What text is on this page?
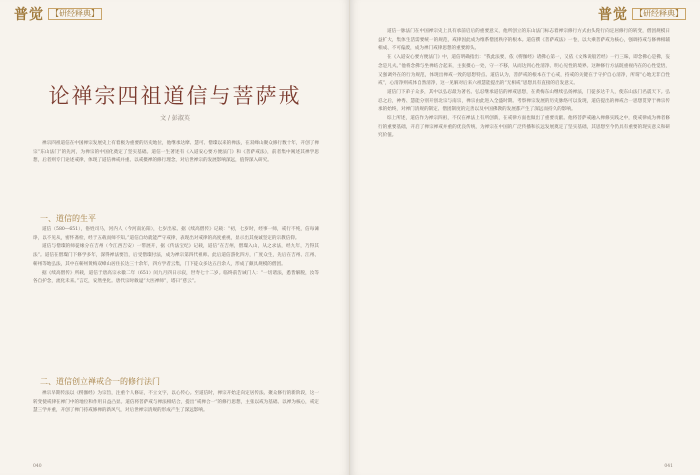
普觉 【研经释典】
论禅宗四祖道信与菩萨戒
文 / 彭淑英

禅宗四祖道信在中国禅宗发展史上有着极为重要的历史地位，他继承达摩、慧可、僧璨以来的禅法，在双峰山聚众修行数十年，开创了禅宗“东山法门”的先河，为禅宗的中国化奠定了坚实基础。道信一生著述有《入道安心要方便法门》和《菩萨戒法》，前者集中阐述其禅学思想，后者则专门论述戒律，体现了道信禅戒并重、以戒摄禅的修行理念，对后世禅宗的发展影响深远，值得深入研究。

一、道信的生平

道信（580—651），俗姓司马，河内人（今河南沁阳），七岁出家。据《续高僧传》记载：“初，七岁时，经事一师，戒行不纯，信每谏诤，以不见从，密怀斋检，经于五载而师不知。”道信自幼就能严守戒律，表现出对戒律的高度重视，显示出其虔诚坚定的宗教信仰。

道信与僧璨的师徒缘分在吉州（今江西吉安）一带展开，据《传法宝纪》记载，道信“在吉州，僧璨入山，从之求法，经九年，乃得其法”。道信在僧璨门下修学多年，深得禅法要旨，后受僧璨付法，成为禅宗第四代祖师。此后道信游化四方，广度众生，先后在吉州、江州、蕲州等地弘法，其中在蕲州黄梅双峰山居住长达三十余年，四方学者云集，门下徒众多达五百余人，形成了颇具规模的僧团。

据《续高僧传》所载，道信于唐高宗永徽二年（651）闰九月四日示寂，世寿七十二岁。临终前告诫门人：“一切诸法，悉皆解脱，汝等各自护念，流化未来。”言讫，安然坐化。唐代宗时敕谥“大医禅师”，塔曰“慈云”。

二、道信创立禅戒合一的修行法门

禅宗早期传法以《楞伽经》为宗旨，注重个人修证，不立文字，以心传心。至道信时，禅宗开始走向定居传法、聚众修行的新阶段，这一转变使戒律在禅门中的地位和作用日益凸显。道信将菩萨戒与禅法相结合，提出“戒禅合一”的修行思想，主张以戒为基础、以禅为核心，戒定慧三学并重，开创了禅门持戒修禅的新风气，对后世禅宗清规的形成产生了深远影响。

040
普觉 【研经释典】

道信一脉法门在中国禅宗史上具有承前启后的重要意义，他所创立的东山法门标志着禅宗修行方式由头陀行向定居修行的转变，僧团规模日益扩大，集体生活需要统一的规范，戒律因此成为维系僧团秩序的根本。道信撰《菩萨戒法》一卷，以大乘菩萨戒为核心，强调持戒与修禅相辅相成、不可偏废，成为禅门戒律思想的重要源头。

在《入道安心要方便法门》中，道信明确指出：“我此法要，依《楞伽经》诸佛心第一，又依《文殊说般若经》一行三昧，即念佛心是佛，妄念是凡夫。”他将念佛与坐禅结合起来，主张摄心一处，守一不移，从而达到心性清净、明心见性的境界。这种修行方法既重视内在的心性觉悟，又强调外在的行为规范，体现出禅戒一致的思想特点。道信认为，菩萨戒的根本在于心戒，持戒的关键在于守护自心清净，所谓“心地无非自性戒”，心清净则戒体自然清净，这一见解对后来六祖慧能提出的“无相戒”思想具有直接的启发意义。

道信门下弟子众多，其中以弘忍最为著名。弘忍继承道信的禅戒思想，在黄梅东山继续弘扬禅法，门徒多达千人，使东山法门名震天下。弘忍之后，神秀、慧能分别开创北宗与南宗，禅宗由此进入全盛时期。考察禅宗发展的历史脉络可以发现，道信提出的禅戒合一思想贯穿于禅宗传承的始终，对禅门清规的制定、僧团制度的完善以及中国佛教的发展都产生了深远而持久的影响。

综上所述，道信作为禅宗四祖，不仅在禅法上有所创新，在戒律方面也做出了重要贡献。他将菩萨戒融入禅修实践之中，使戒律成为禅者修行的重要基础，开启了禅宗禅戒并重的优良传统，为禅宗在中国的广泛传播和长远发展奠定了坚实基础，其思想至今仍具有重要的现实意义和研究价值。

041
